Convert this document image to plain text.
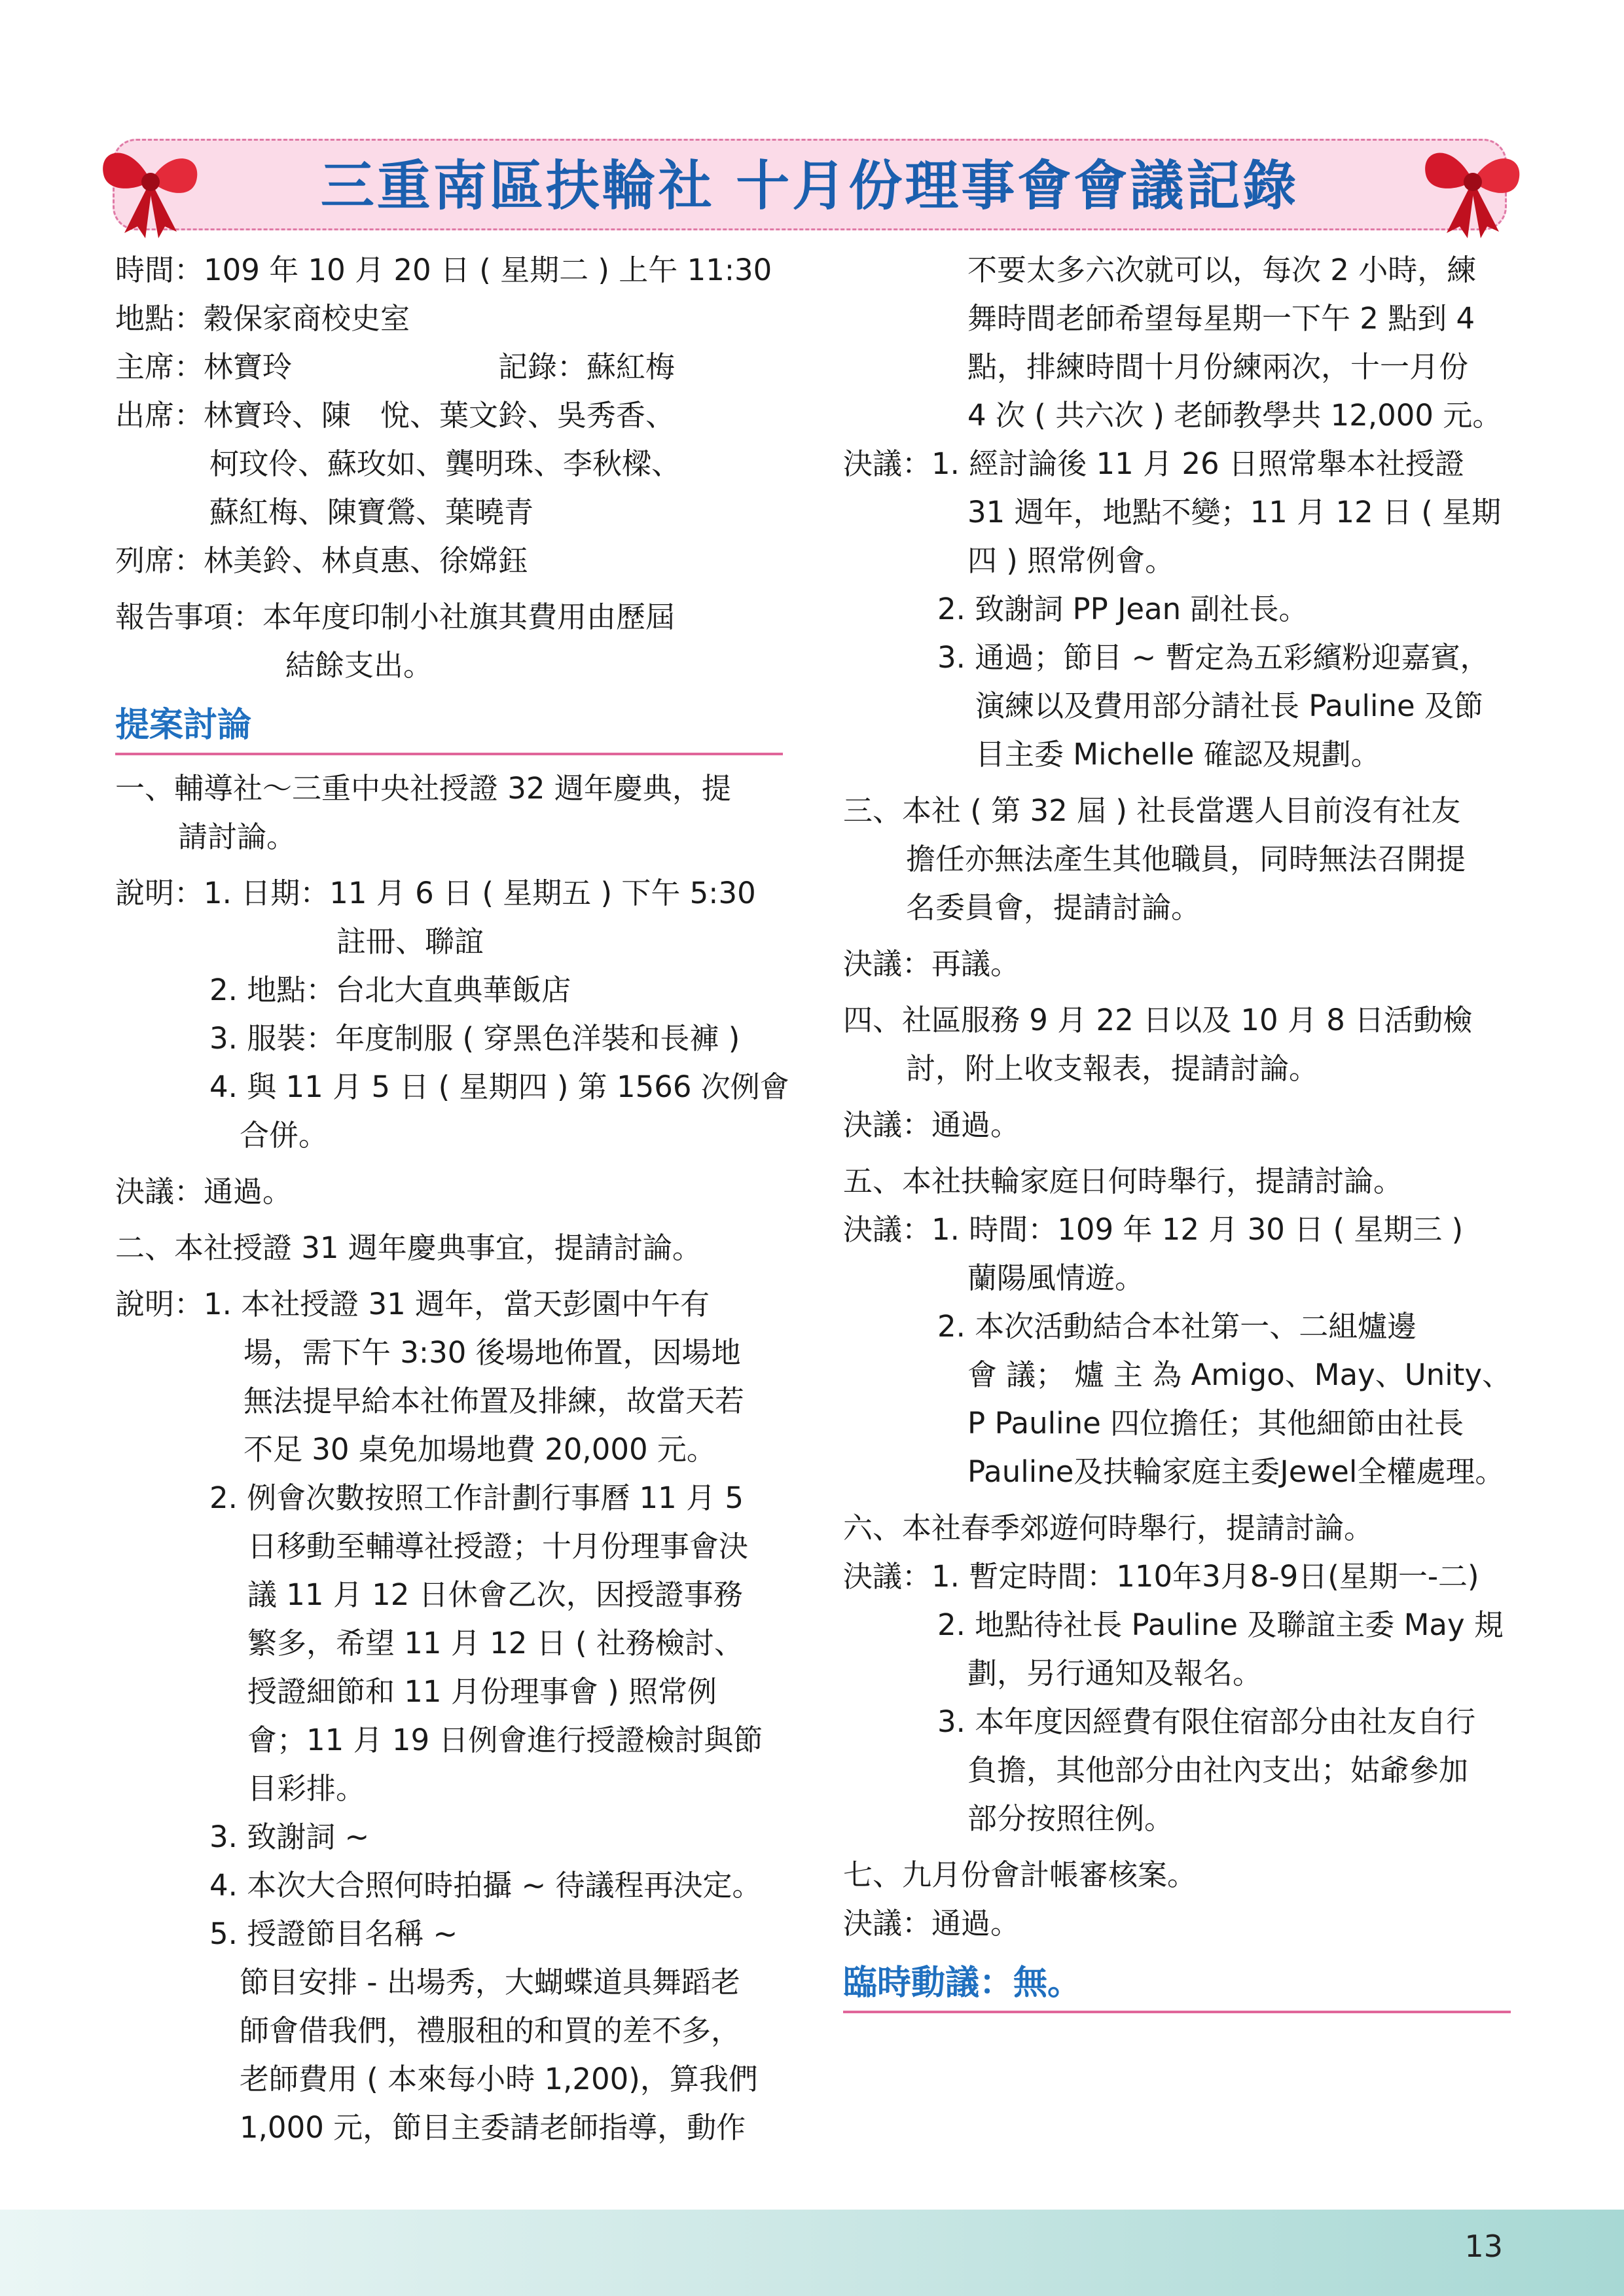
三重南區扶輪社 十月份理事會會議記錄
時間：109 年 10 月 20 日 ( 星期二 ) 上午 11:30
地點：穀保家商校史室
主席：林寶玲　　　　　　　記錄：蘇紅梅
出席：林寶玲、陳　悅、葉文鈴、吳秀香、
柯玟伶、蘇玫如、龔明珠、李秋樑、
蘇紅梅、陳寶鶯、葉曉青
列席：林美鈴、林貞惠、徐嫦鈺
報告事項：本年度印制小社旗其費用由歷屆
結餘支出。
提案討論
一、輔導社～三重中央社授證 32 週年慶典，提
請討論。
說明：1. 日期：11 月 6 日 ( 星期五 ) 下午 5:30
註冊、聯誼
2. 地點：台北大直典華飯店
3. 服裝：年度制服 ( 穿黑色洋裝和長褲 )
4. 與 11 月 5 日 ( 星期四 ) 第 1566 次例會
合併。
決議：通過。
二、本社授證 31 週年慶典事宜，提請討論。
說明：1. 本社授證 31 週年，當天彭園中午有
場，需下午 3:30 後場地佈置，因場地
無法提早給本社佈置及排練，故當天若
不足 30 桌免加場地費 20,000 元。
2. 例會次數按照工作計劃行事曆 11 月 5
日移動至輔導社授證；十月份理事會決
議 11 月 12 日休會乙次，因授證事務
繁多，希望 11 月 12 日 ( 社務檢討、
授證細節和 11 月份理事會 ) 照常例
會；11 月 19 日例會進行授證檢討與節
目彩排。
3. 致謝詞 ~
4. 本次大合照何時拍攝 ~ 待議程再決定。
5. 授證節目名稱 ~
節目安排 - 出場秀，大蝴蝶道具舞蹈老
師會借我們，禮服租的和買的差不多，
老師費用 ( 本來每小時 1,200)，算我們
1,000 元，節目主委請老師指導，動作
不要太多六次就可以，每次 2 小時，練
舞時間老師希望每星期一下午 2 點到 4
點，排練時間十月份練兩次，十一月份
4 次 ( 共六次 ) 老師教學共 12,000 元。
決議：1. 經討論後 11 月 26 日照常舉本社授證
31 週年，地點不變；11 月 12 日 ( 星期
四 ) 照常例會。
2. 致謝詞 PP Jean 副社長。
3. 通過；節目 ~ 暫定為五彩繽粉迎嘉賓，
演練以及費用部分請社長 Pauline 及節
目主委 Michelle 確認及規劃。
三、本社 ( 第 32 屆 ) 社長當選人目前沒有社友
擔任亦無法產生其他職員，同時無法召開提
名委員會，提請討論。
決議：再議。
四、社區服務 9 月 22 日以及 10 月 8 日活動檢
討，附上收支報表，提請討論。
決議：通過。
五、本社扶輪家庭日何時舉行，提請討論。
決議：1. 時間：109 年 12 月 30 日 ( 星期三 )
蘭陽風情遊。
2. 本次活動結合本社第一、二組爐邊
會 議； 爐 主 為 Amigo、May、Unity、
P Pauline 四位擔任；其他細節由社長
Pauline及扶輪家庭主委Jewel全權處理。
六、本社春季郊遊何時舉行，提請討論。
決議：1. 暫定時間：110年3月8-9日(星期一-二)
2. 地點待社長 Pauline 及聯誼主委 May 規
劃，另行通知及報名。
3. 本年度因經費有限住宿部分由社友自行
負擔，其他部分由社內支出；姑爺參加
部分按照往例。
七、九月份會計帳審核案。
決議：通過。
臨時動議：無。
13
